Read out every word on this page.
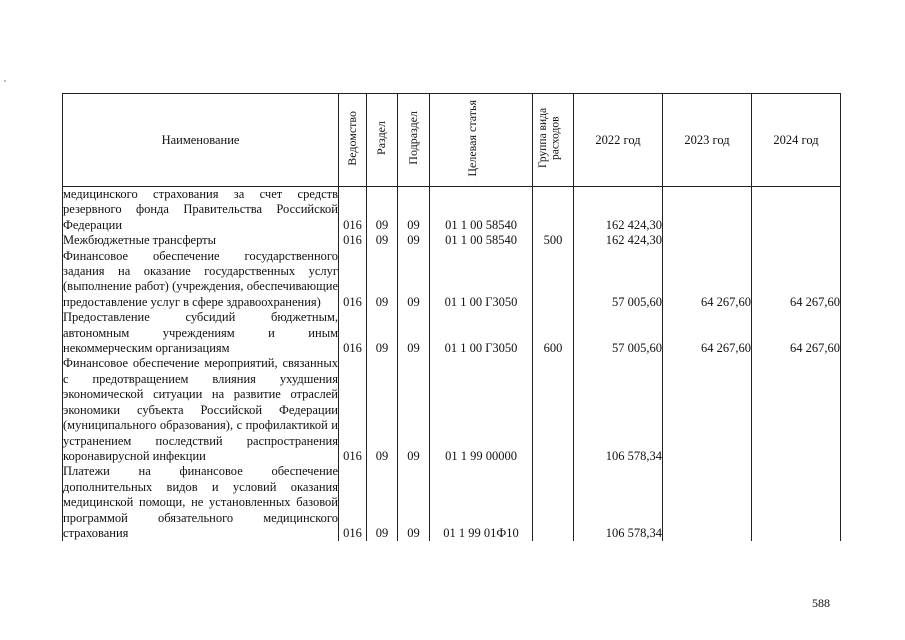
Наименование	Ведомство	Раздел	Подраздел	Целевая статья	Группа вида расходов	2022 год	2023 год	2024 год
медицинского страхования за счет средств резервного фонда Правительства Российской Федерации	016	09	09	01 1 00 58540		162 424,30		
Межбюджетные трансферты	016	09	09	01 1 00 58540	500	162 424,30		
Финансовое обеспечение государственного задания на оказание государственных услуг (выполнение работ) (учреждения, обеспечивающие предоставление услуг в сфере здравоохранения)	016	09	09	01 1 00 Г3050		57 005,60	64 267,60	64 267,60
Предоставление субсидий бюджетным, автономным учреждениям и иным некоммерческим организациям	016	09	09	01 1 00 Г3050	600	57 005,60	64 267,60	64 267,60
Финансовое обеспечение мероприятий, связанных с предотвращением влияния ухудшения экономической ситуации на развитие отраслей экономики субъекта Российской Федерации (муниципального образования), с профилактикой и устранением последствий распространения коронавирусной инфекции	016	09	09	01 1 99 00000		106 578,34		
Платежи на финансовое обеспечение дополнительных видов и условий оказания медицинской помощи, не установленных базовой программой обязательного медицинского страхования	016	09	09	01 1 99 01Ф10		106 578,34		
588
